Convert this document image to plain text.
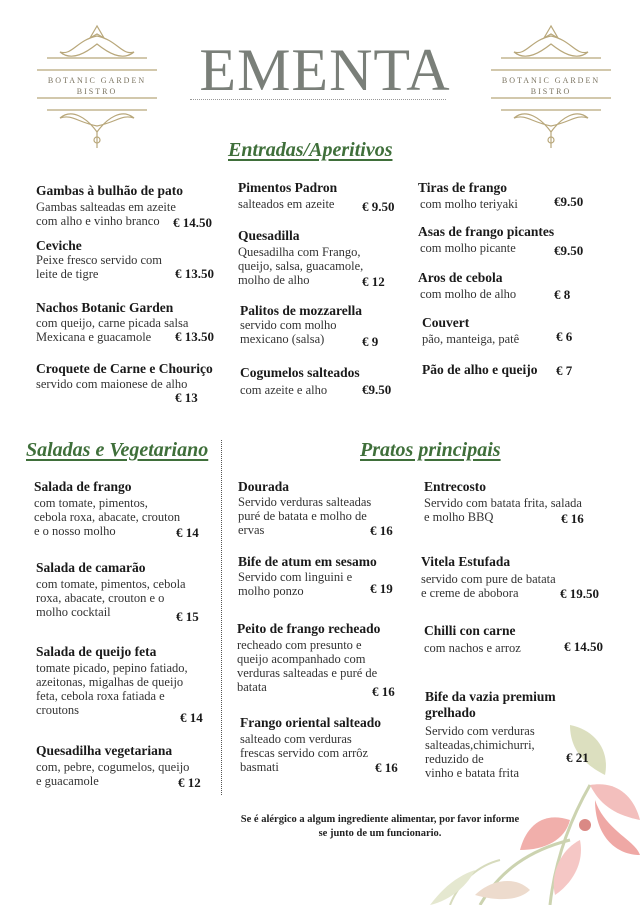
BOTANIC GARDEN
BISTRO
BOTANIC GARDEN
BISTRO
EMENTA
Entradas/Aperitivos
Saladas e Vegetariano	Pratos principais
Gambas à bulhão de pato
Gambas salteadas em azeite
com alho e vinho branco € 14.50
Ceviche
Peixe fresco servido com
leite de tigre	€ 13.50
Nachos Botanic Garden
com queijo, carne picada salsa
Mexicana e guacamole € 13.50
Croquete de Carne e Chouriço
servido com maionese de alho
€ 13
Pimentos Padron
salteados em azeite € 9.50
Quesadilla
Quesadilha com Frango,
queijo, salsa, guacamole,
molho de alho	€ 12
Palitos de mozzarella
servido com molho
mexicano (salsa)	€ 9
Cogumelos salteados
com azeite e alho	€9.50
Tiras de frango
com molho teriyaki	€9.50
Asas de frango picantes
com molho picante	€9.50
Aros de cebola
com molho de alho	€ 8
Couvert
pão, manteiga, patê	€ 6
Pão de alho e queijo € 7
Salada de frango
com tomate, pimentos,
cebola roxa, abacate, crouton
e o nosso molho	€ 14
Salada de camarão
com tomate, pimentos, cebola
roxa, abacate, crouton e o
molho cocktail	€ 15
Salada de queijo feta
tomate picado, pepino fatiado,
azeitonas, migalhas de queijo
feta, cebola roxa fatiada e
croutons	€ 14
Quesadilha vegetariana
com, pebre, cogumelos, queijo
e guacamole	€ 12
Dourada
Servido verduras salteadas
puré de batata e molho de
ervas	€ 16
Bife de atum em sesamo
Servido com linguini e
molho ponzo	€ 19
Peito de frango recheado
recheado com presunto e
queijo acompanhado com
verduras salteadas e puré de
batata	€ 16
Frango oriental salteado
salteado com verduras
frescas servido com arrôz
basmati	€ 16
Entrecosto
Servido com batata frita, salada
e molho BBQ	€ 16
Vitela Estufada
servido com pure de batata
e creme de abobora	€ 19.50
Chilli con carne
com nachos e arroz	€ 14.50
Bife da vazia premium
grelhado
Servido com verduras
salteadas,chimichurri,
reduzido de
vinho e batata frita
€ 21
Se é alérgico a algum ingrediente alimentar, por favor informe
se junto de um funcionario.
